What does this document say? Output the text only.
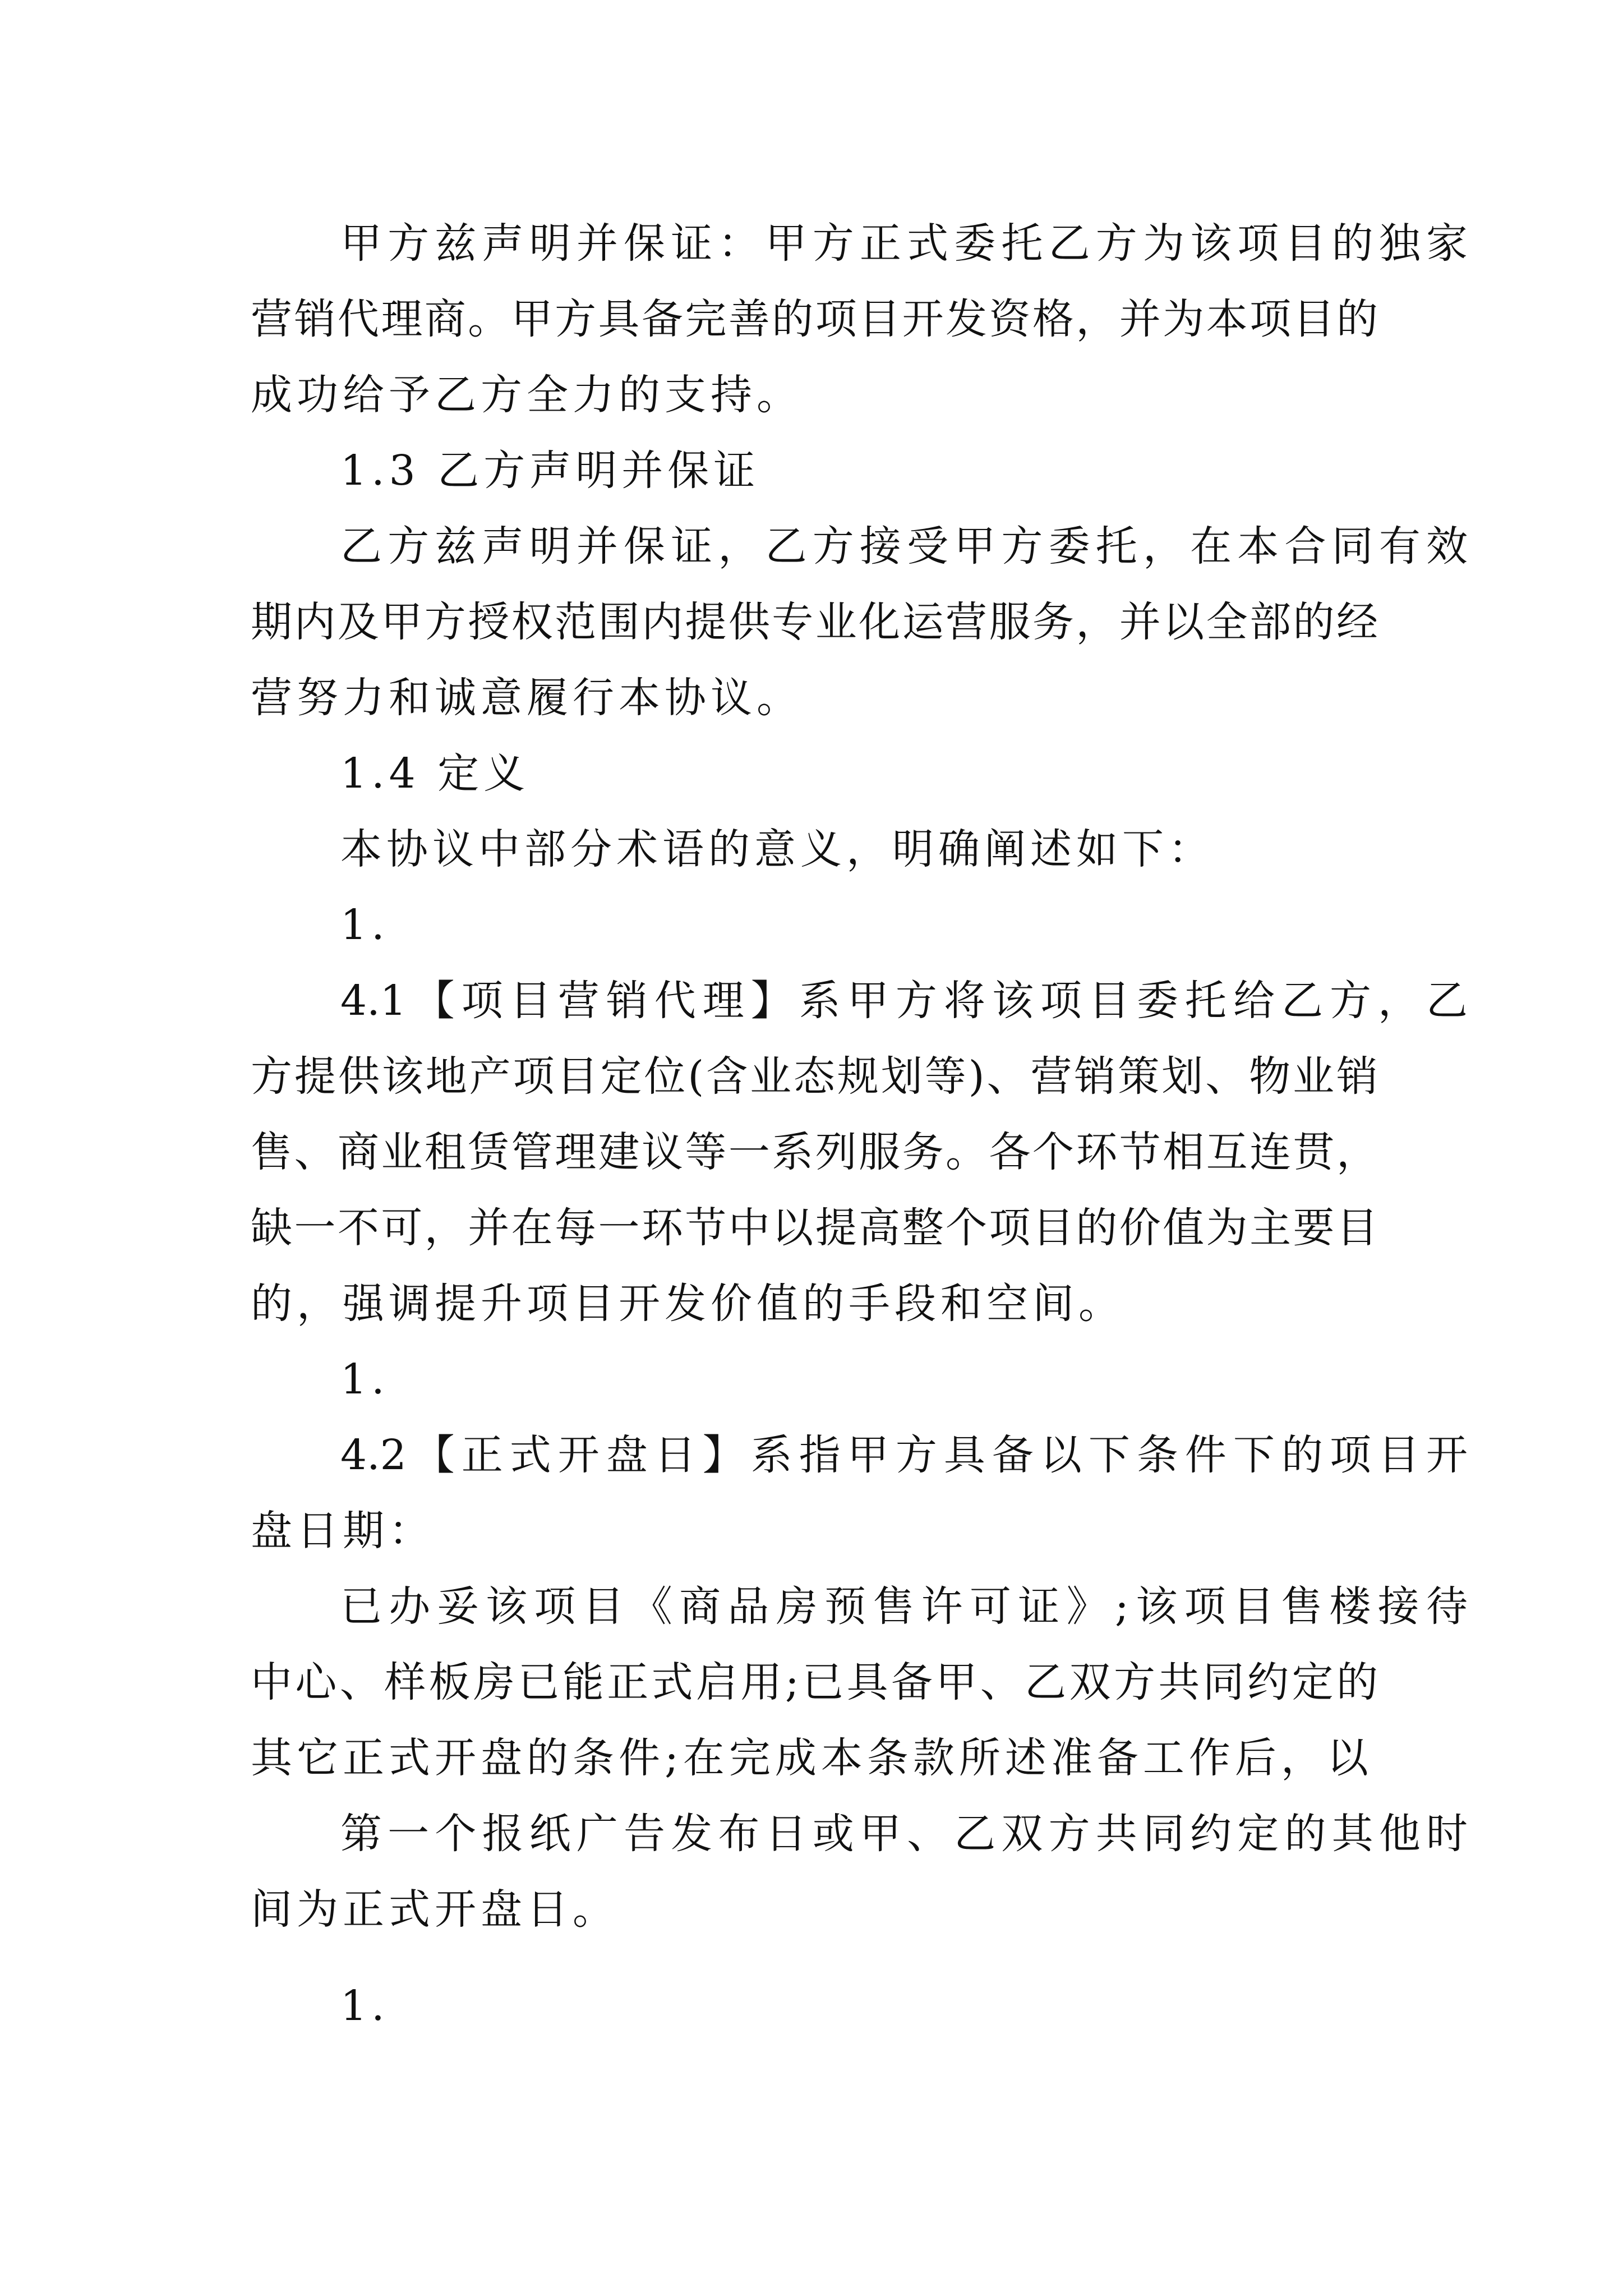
甲方兹声明并保证：甲方正式委托乙方为该项目的独家

营销代理商。甲方具备完善的项目开发资格，并为本项目的

成功给予乙方全力的支持。

1.3 乙方声明并保证

乙方兹声明并保证，乙方接受甲方委托，在本合同有效

期内及甲方授权范围内提供专业化运营服务，并以全部的经

营努力和诚意履行本协议。

1.4 定义

本协议中部分术语的意义，明确阐述如下：

1.

4.1【项目营销代理】系甲方将该项目委托给乙方，乙

方提供该地产项目定位(含业态规划等)、营销策划、物业销

售、商业租赁管理建议等一系列服务。各个环节相互连贯，

缺一不可，并在每一环节中以提高整个项目的价值为主要目

的，强调提升项目开发价值的手段和空间。

1.

4.2【正式开盘日】系指甲方具备以下条件下的项目开

盘日期：

已办妥该项目《商品房预售许可证》;该项目售楼接待

中心、样板房已能正式启用;已具备甲、乙双方共同约定的

其它正式开盘的条件;在完成本条款所述准备工作后，以

第一个报纸广告发布日或甲、乙双方共同约定的其他时

间为正式开盘日。

1.
